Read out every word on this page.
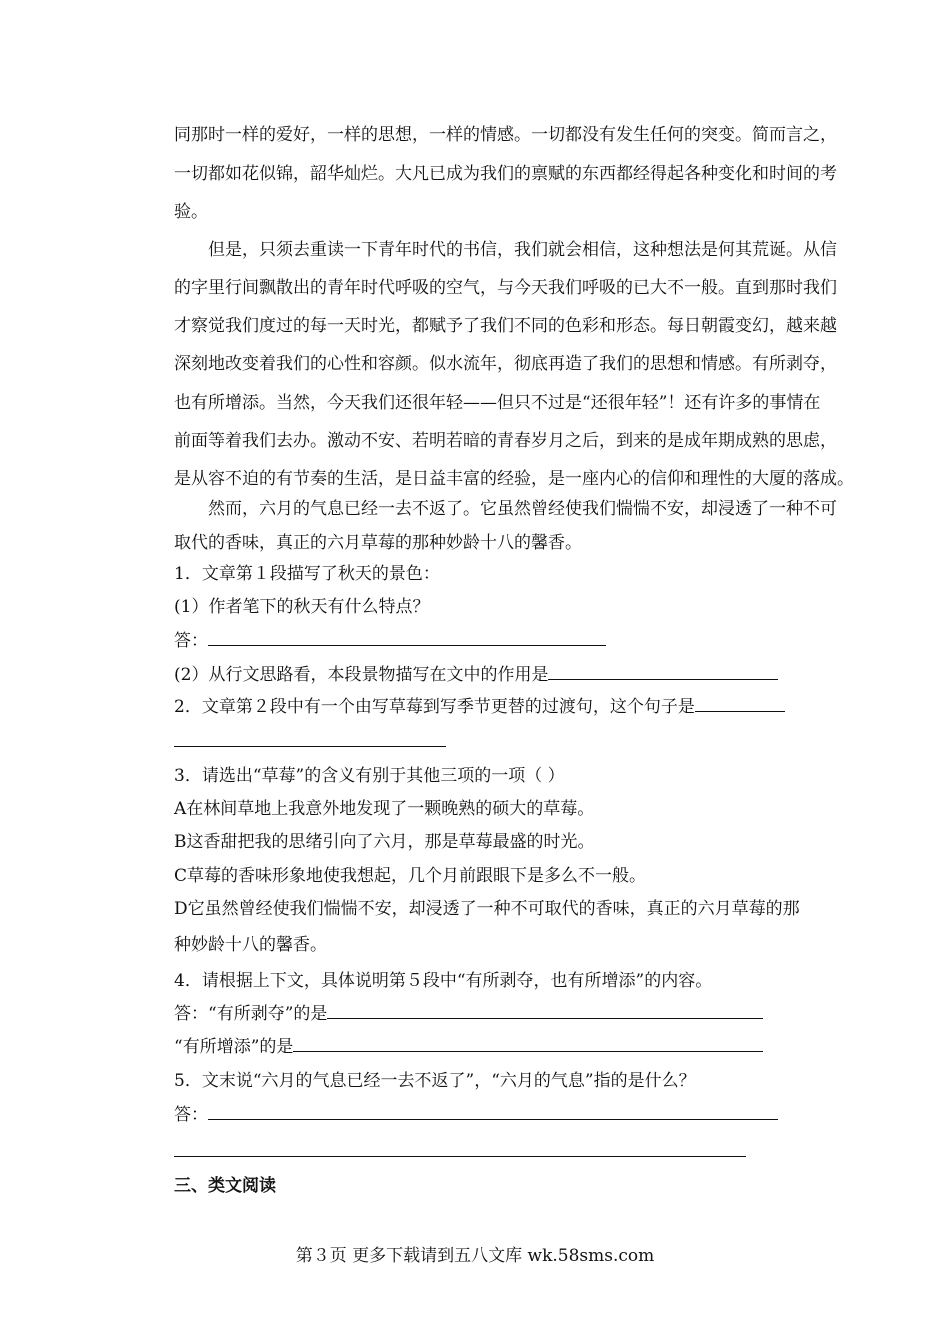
同那时一样的爱好，一样的思想，一样的情感。一切都没有发生任何的突变。简而言之，
一切都如花似锦，韶华灿烂。大凡已成为我们的禀赋的东西都经得起各种变化和时间的考
验。
但是，只须去重读一下青年时代的书信，我们就会相信，这种想法是何其荒诞。从信
的字里行间飘散出的青年时代呼吸的空气，与今天我们呼吸的已大不一般。直到那时我们
才察觉我们度过的每一天时光，都赋予了我们不同的色彩和形态。每日朝霞变幻，越来越
深刻地改变着我们的心性和容颜。似水流年，彻底再造了我们的思想和情感。有所剥夺，
也有所增添。当然，今天我们还很年轻——但只不过是“还很年轻”！还有许多的事情在
前面等着我们去办。激动不安、若明若暗的青春岁月之后，到来的是成年期成熟的思虑，
是从容不迫的有节奏的生活，是日益丰富的经验，是一座内心的信仰和理性的大厦的落成。
然而，六月的气息已经一去不返了。它虽然曾经使我们惴惴不安，却浸透了一种不可
取代的香味，真正的六月草莓的那种妙龄十八的馨香。
1．文章第１段描写了秋天的景色：
(1）作者笔下的秋天有什么特点？
答：
(2）从行文思路看，本段景物描写在文中的作用是
2．文章第２段中有一个由写草莓到写季节更替的过渡句，这个句子是
3．请选出“草莓”的含义有别于其他三项的一项（ ）
A在林间草地上我意外地发现了一颗晚熟的硕大的草莓。
B这香甜把我的思绪引向了六月，那是草莓最盛的时光。
C草莓的香味形象地使我想起，几个月前跟眼下是多么不一般。
D它虽然曾经使我们惴惴不安，却浸透了一种不可取代的香味，真正的六月草莓的那
种妙龄十八的馨香。
4．请根据上下文，具体说明第５段中“有所剥夺，也有所增添”的内容。
答：“有所剥夺”的是
“有所增添”的是
5．文末说“六月的气息已经一去不返了”，“六月的气息”指的是什么？
答：
三、类文阅读
第３页 更多下载请到五八文库 wk.58sms.com
